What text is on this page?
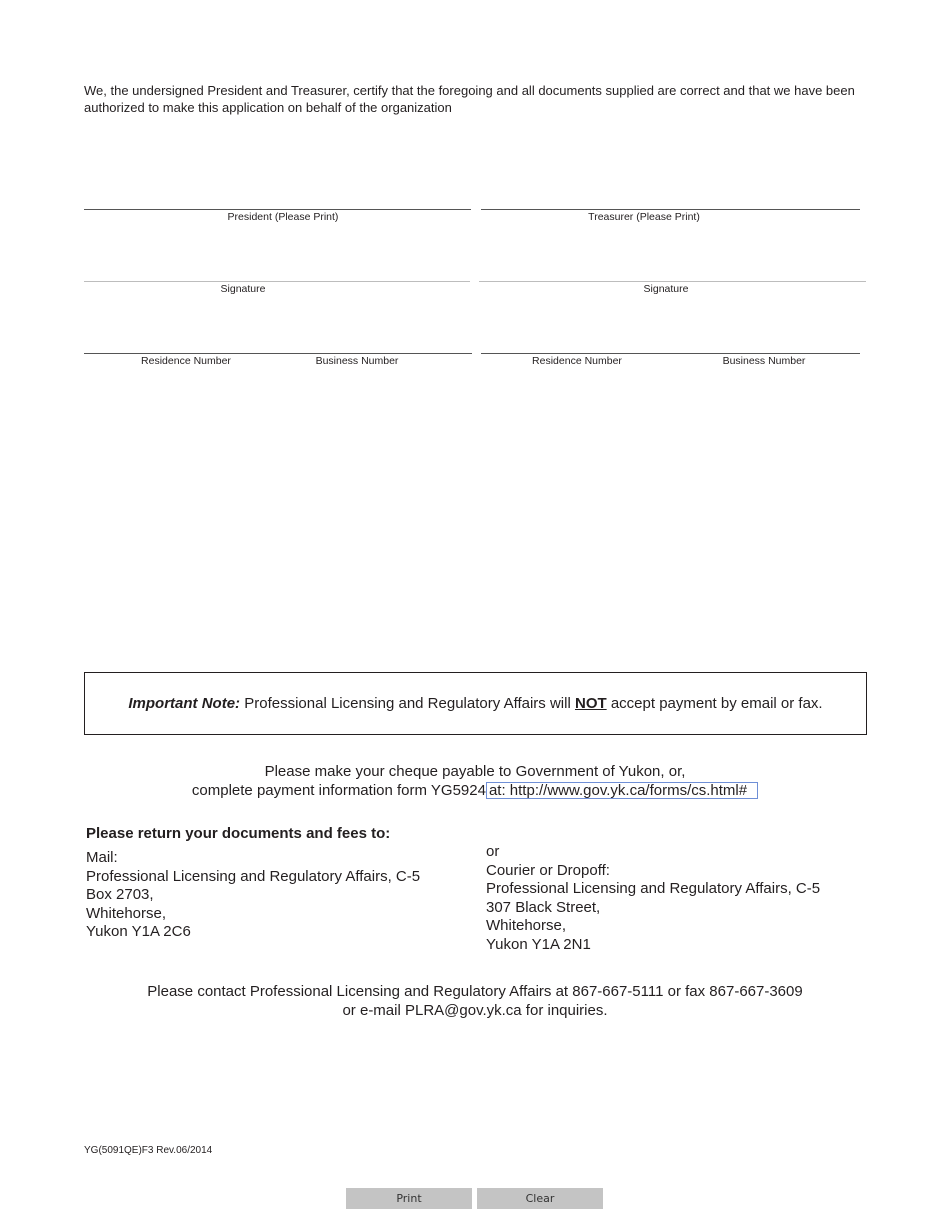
We, the undersigned President and Treasurer, certify that the foregoing and all documents supplied are correct and that we have been authorized to make this application on behalf of the organization
President (Please Print)	Treasurer (Please Print)
Signature	Signature
Residence Number	Business Number	Residence Number	Business Number
Important Note: Professional Licensing and Regulatory Affairs will NOT accept payment by email or fax.
Please make your cheque payable to Government of Yukon, or,
complete payment information form YG5924 at: http://www.gov.yk.ca/forms/cs.html#
Please return your documents and fees to:
Mail:
Professional Licensing and Regulatory Affairs, C-5
Box 2703,
Whitehorse,
Yukon Y1A 2C6
or
Courier or Dropoff:
Professional Licensing and Regulatory Affairs, C-5
307 Black Street,
Whitehorse,
Yukon Y1A 2N1
Please contact Professional Licensing and Regulatory Affairs at 867-667-5111 or fax 867-667-3609
or e-mail PLRA@gov.yk.ca for inquiries.
YG(5091QE)F3 Rev.06/2014
Print	Clear
